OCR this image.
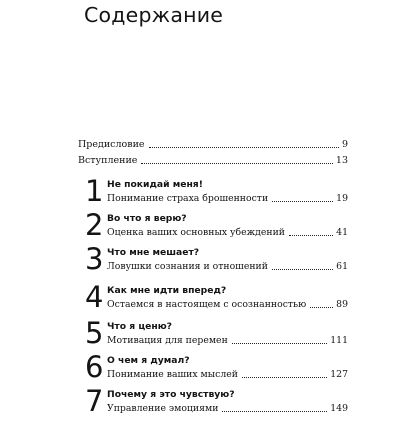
Содержание
Предисловие	9
Вступление	13
1 Не покидай меня!
Понимание страха брошенности	19
2 Во что я верю?
Оценка ваших основных убеждений	41
3 Что мне мешает?
Ловушки сознания и отношений	61
4 Как мне идти вперед?
Остаемся в настоящем с осознанностью	89
5 Что я ценю?
Мотивация для перемен	111
6 О чем я думал?
Понимание ваших мыслей	127
7 Почему я это чувствую?
Управление эмоциями	149
